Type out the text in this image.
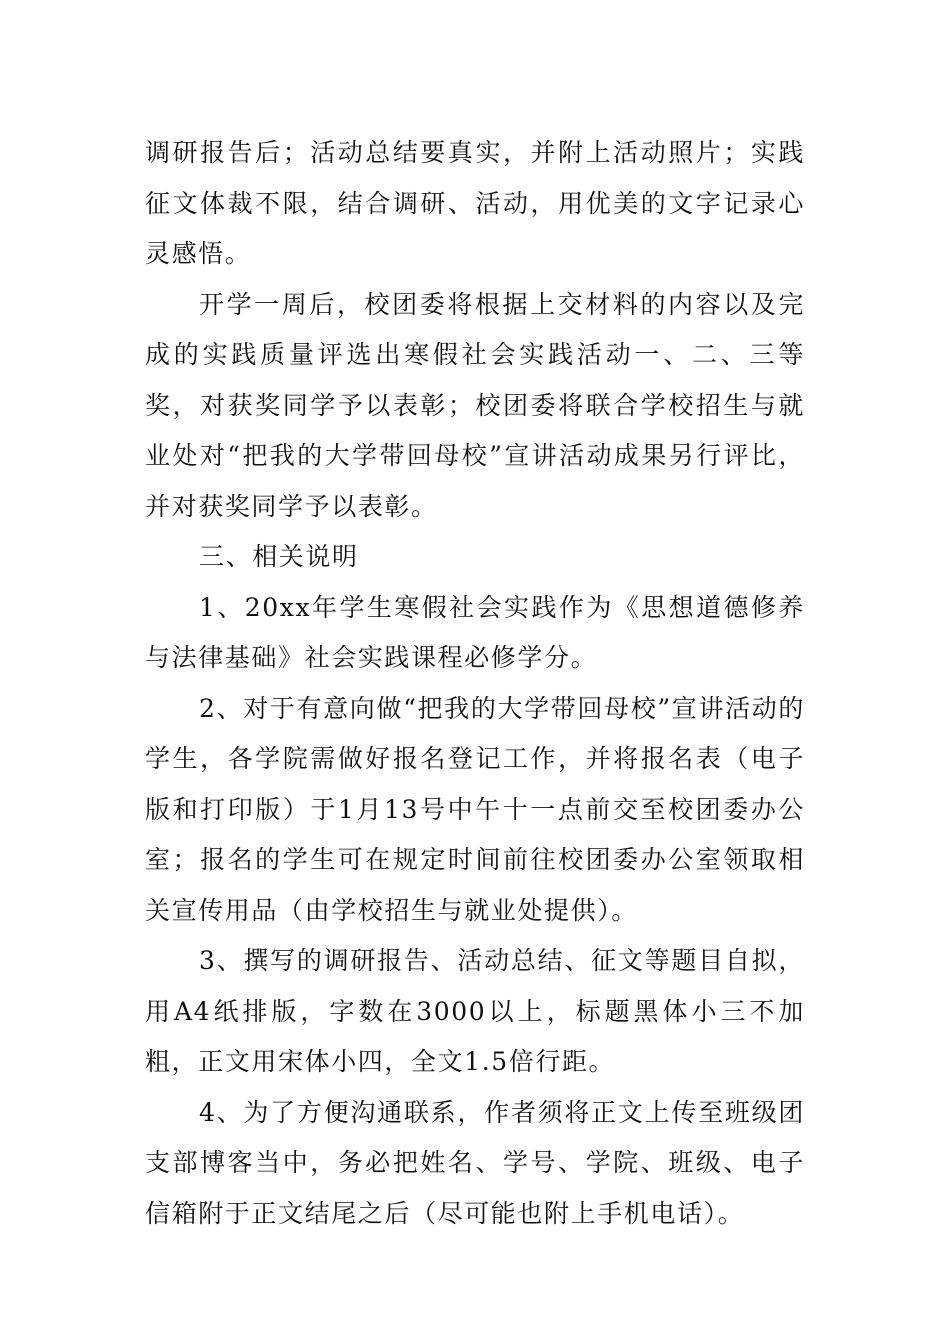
调研报告后；活动总结要真实，并附上活动照片；实践征文体裁不限，结合调研、活动，用优美的文字记录心灵感悟。

开学一周后，校团委将根据上交材料的内容以及完成的实践质量评选出寒假社会实践活动一、二、三等奖，对获奖同学予以表彰；校团委将联合学校招生与就业处对“把我的大学带回母校”宣讲活动成果另行评比，并对获奖同学予以表彰。

三、相关说明

1、20xx年学生寒假社会实践作为《思想道德修养与法律基础》社会实践课程必修学分。

2、对于有意向做“把我的大学带回母校”宣讲活动的学生，各学院需做好报名登记工作，并将报名表（电子版和打印版）于1月13号中午十一点前交至校团委办公室；报名的学生可在规定时间前往校团委办公室领取相关宣传用品（由学校招生与就业处提供）。

3、撰写的调研报告、活动总结、征文等题目自拟，用A4纸排版，字数在3000以上，标题黑体小三不加粗，正文用宋体小四，全文1.5倍行距。

4、为了方便沟通联系，作者须将正文上传至班级团支部博客当中，务必把姓名、学号、学院、班级、电子信箱附于正文结尾之后（尽可能也附上手机电话）。
